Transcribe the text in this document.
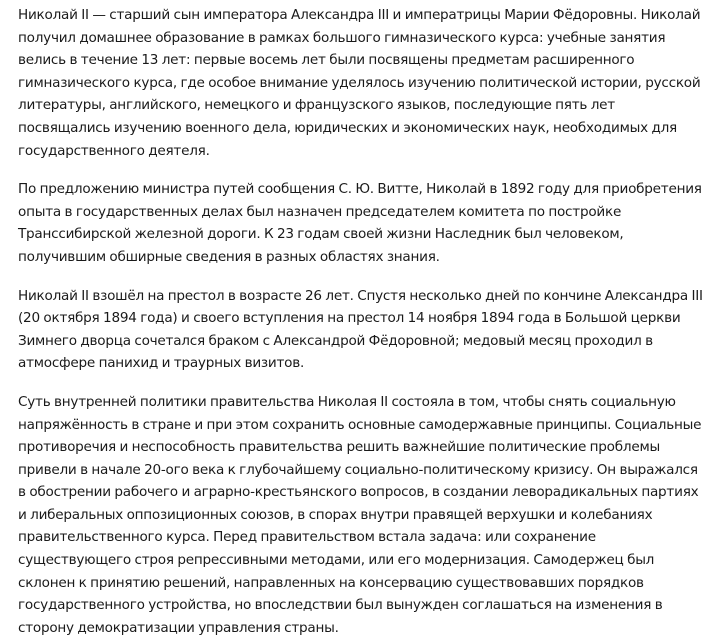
Николай II — старший сын императора Александра III и императрицы Марии Фёдоровны. Николай получил домашнее образование в рамках большого гимназического курса: учебные занятия велись в течение 13 лет: первые восемь лет были посвящены предметам расширенного гимназического курса, где особое внимание уделялось изучению политической истории, русской литературы, английского, немецкого и французского языков, последующие пять лет посвящались изучению военного дела, юридических и экономических наук, необходимых для государственного деятеля.

По предложению министра путей сообщения С. Ю. Витте, Николай в 1892 году для приобретения опыта в государственных делах был назначен председателем комитета по постройке Транссибирской железной дороги. К 23 годам своей жизни Наследник был человеком, получившим обширные сведения в разных областях знания.

Николай II взошёл на престол в возрасте 26 лет. Спустя несколько дней по кончине Александра III (20 октября 1894 года) и своего вступления на престол 14 ноября 1894 года в Большой церкви Зимнего дворца сочетался браком с Александрой Фёдоровной; медовый месяц проходил в атмосфере панихид и траурных визитов.

Суть внутренней политики правительства Николая II состояла в том, чтобы снять социальную напряжённость в стране и при этом сохранить основные самодержавные принципы. Социальные противоречия и неспособность правительства решить важнейшие политические проблемы привели в начале 20-ого века к глубочайшему социально-политическому кризису. Он выражался в обострении рабочего и аграрно-крестьянского вопросов, в создании леворадикальных партиях и либеральных оппозиционных союзов, в спорах внутри правящей верхушки и колебаниях правительственного курса. Перед правительством встала задача: или сохранение существующего строя репрессивными методами, или его модернизация. Самодержец был склонен к принятию решений, направленных на консервацию существовавших порядков государственного устройства, но впоследствии был вынужден соглашаться на изменения в сторону демократизации управления страны.
